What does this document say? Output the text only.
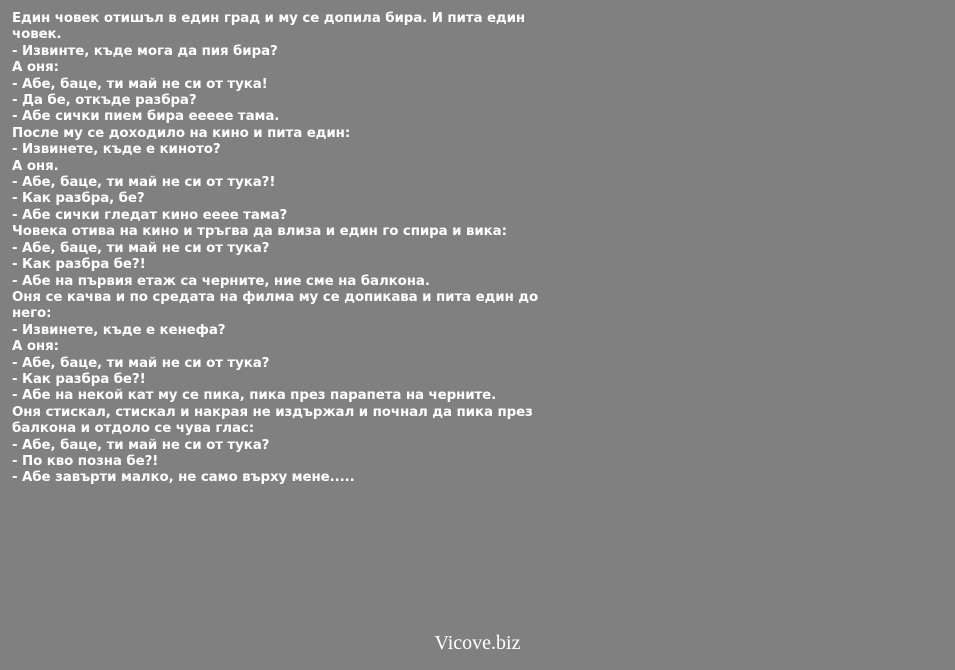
Един човек отишъл в един град и му се допила бира. И пита един човек.
- Извинте, къде мога да пия бира?
А оня:
- Абе, баце, ти май не си от тука!
- Да бе, откъде разбра?
- Абе сички пием бира еееее тама.
После му се доходило на кино и пита един:
- Извинете, къде е киното?
А оня.
- Абе, баце, ти май не си от тука?!
- Как разбра, бе?
- Абе сички гледат кино ееее тама?
Човека отива на кино и тръгва да влиза и един го спира и вика:
- Абе, баце, ти май не си от тука?
- Как разбра бе?!
- Абе на първия етаж са черните, ние сме на балкона.
Оня се качва и по средата на филма му се допикава и пита един до него:
- Извинете, къде е кенефа?
А оня:
- Абе, баце, ти май не си от тука?
- Как разбра бе?!
- Абе на некой кат му се пика, пика през парапета на черните.
Оня стискал, стискал и накрая не издържал и почнал да пика през балкона и отдоло се чува глас:
- Абе, баце, ти май не си от тука?
- По кво позна бе?!
- Абе завърти малко, не само върху мене.....
Vicove.biz
